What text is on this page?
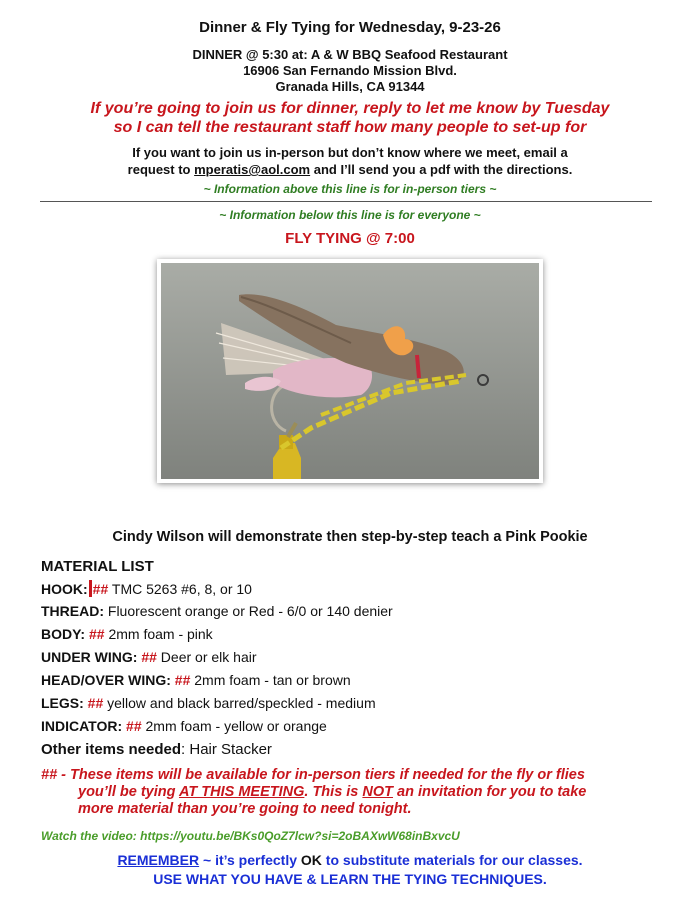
Dinner & Fly Tying for Wednesday, 9-23-26
DINNER @ 5:30 at: A & W BBQ Seafood Restaurant
16906 San Fernando Mission Blvd.
Granada Hills, CA 91344
If you’re going to join us for dinner, reply to let me know by Tuesday
so I can tell the restaurant staff how many people to set-up for
If you want to join us in-person but don’t know where we meet, email a
request to mperatis@aol.com and I’ll send you a pdf with the directions.
~ Information above this line is for in-person tiers ~
~ Information below this line is for everyone ~
FLY TYING @ 7:00
Cindy Wilson will demonstrate then step-by-step teach a Pink Pookie
MATERIAL LIST
HOOK: ## TMC 5263 #6, 8, or 10
THREAD: Fluorescent orange or Red - 6/0 or 140 denier
BODY: ## 2mm foam - pink
UNDER WING: ## Deer or elk hair
HEAD/OVER WING: ## 2mm foam - tan or brown
LEGS: ## yellow and black barred/speckled - medium
INDICATOR: ## 2mm foam - yellow or orange
Other items needed: Hair Stacker
## - These items will be available for in-person tiers if needed for the fly or flies
you’ll be tying AT THIS MEETING. This is NOT an invitation for you to take
more material than you’re going to need tonight.
Watch the video: https://youtu.be/BKs0QoZ7lcw?si=2oBAXwW68inBxvcU
REMEMBER ~ it’s perfectly OK to substitute materials for our classes.
USE WHAT YOU HAVE & LEARN THE TYING TECHNIQUES.
